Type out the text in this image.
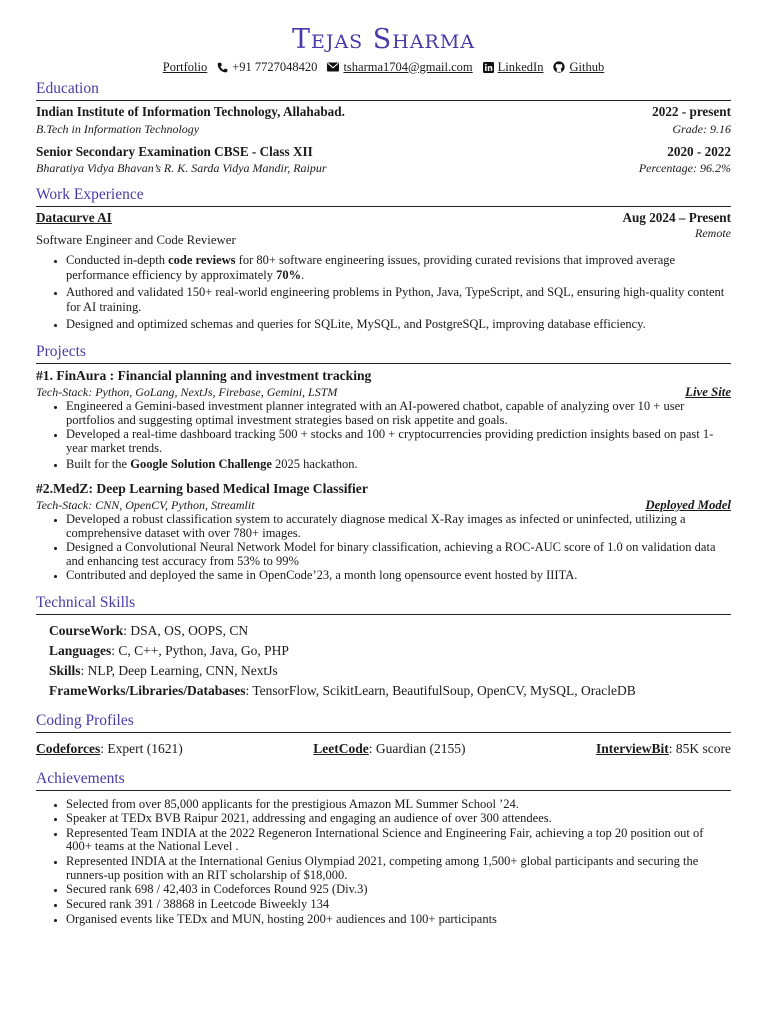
Tejas Sharma
Portfolio +91 7727048420 tsharma1704@gmail.com LinkedIn Github
Education
Indian Institute of Information Technology, Allahabad.	2022 - present
B.Tech in Information Technology	Grade: 9.16
Senior Secondary Examination CBSE - Class XII	2020 - 2022
Bharatiya Vidya Bhavan’s R. K. Sarda Vidya Mandir, Raipur	Percentage: 96.2%
Work Experience
Datacurve AI	Aug 2024 – Present
Software Engineer and Code Reviewer	Remote
• Conducted in-depth code reviews for 80+ software engineering issues, providing curated revisions that improved average performance efficiency by approximately 70%.
• Authored and validated 150+ real-world engineering problems in Python, Java, TypeScript, and SQL, ensuring high-quality content for AI training.
• Designed and optimized schemas and queries for SQLite, MySQL, and PostgreSQL, improving database efficiency.
Projects
#1. FinAura : Financial planning and investment tracking
Tech-Stack: Python, GoLang, NextJs, Firebase, Gemini, LSTM	Live Site
• Engineered a Gemini-based investment planner integrated with an AI-powered chatbot, capable of analyzing over 10 + user portfolios and suggesting optimal investment strategies based on risk appetite and goals.
• Developed a real-time dashboard tracking 500 + stocks and 100 + cryptocurrencies providing prediction insights based on past 1-year market trends.
• Built for the Google Solution Challenge 2025 hackathon.
#2.MedZ: Deep Learning based Medical Image Classifier
Tech-Stack: CNN, OpenCV, Python, Streamlit	Deployed Model
• Developed a robust classification system to accurately diagnose medical X-Ray images as infected or uninfected, utilizing a comprehensive dataset with over 780+ images.
• Designed a Convolutional Neural Network Model for binary classification, achieving a ROC-AUC score of 1.0 on validation data and enhancing test accuracy from 53% to 99%
• Contributed and deployed the same in OpenCode’23, a month long opensource event hosted by IIITA.
Technical Skills
CourseWork: DSA, OS, OOPS, CN
Languages: C, C++, Python, Java, Go, PHP
Skills: NLP, Deep Learning, CNN, NextJs
FrameWorks/Libraries/Databases: TensorFlow, ScikitLearn, BeautifulSoup, OpenCV, MySQL, OracleDB
Coding Profiles
Codeforces: Expert (1621)	LeetCode: Guardian (2155)	InterviewBit: 85K score
Achievements
• Selected from over 85,000 applicants for the prestigious Amazon ML Summer School ’24.
• Speaker at TEDx BVB Raipur 2021, addressing and engaging an audience of over 300 attendees.
• Represented Team INDIA at the 2022 Regeneron International Science and Engineering Fair, achieving a top 20 position out of 400+ teams at the National Level .
• Represented INDIA at the International Genius Olympiad 2021, competing among 1,500+ global participants and securing the runners-up position with an RIT scholarship of $18,000.
• Secured rank 698 / 42,403 in Codeforces Round 925 (Div.3)
• Secured rank 391 / 38868 in Leetcode Biweekly 134
• Organised events like TEDx and MUN, hosting 200+ audiences and 100+ participants
